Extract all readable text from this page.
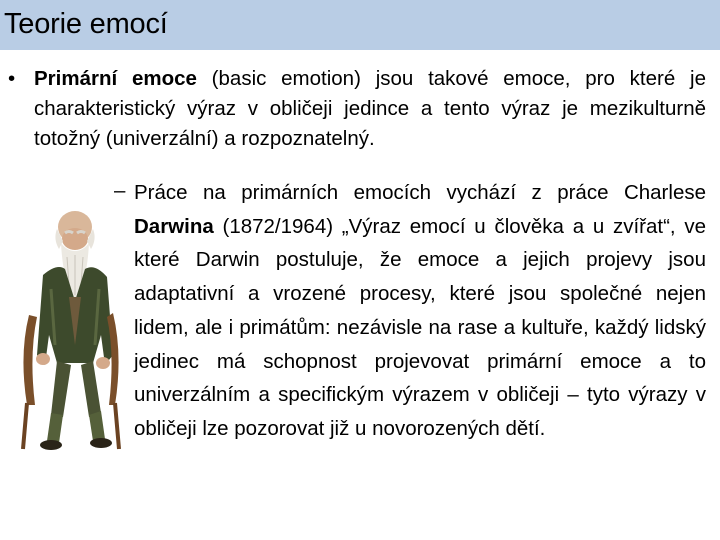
Teorie emocí
• Primární emoce (basic emotion) jsou takové emoce, pro které je charakteristický výraz v obličeji jedince a tento výraz je mezikulturně totožný (univerzální) a rozpoznatelný.

– Práce na primárních emocích vychází z práce Charlese Darwina (1872/1964) „Výraz emocí u člověka a u zvířat“, ve které Darwin postuluje, že emoce a jejich projevy jsou adaptativní a vrozené procesy, které jsou společné nejen lidem, ale i primátům: nezávisle na rase a kultuře, každý lidský jedinec má schopnost projevovat primární emoce a to univerzálním a specifickým výrazem v obličeji – tyto výrazy v obličeji lze pozorovat již u novorozených dětí.
